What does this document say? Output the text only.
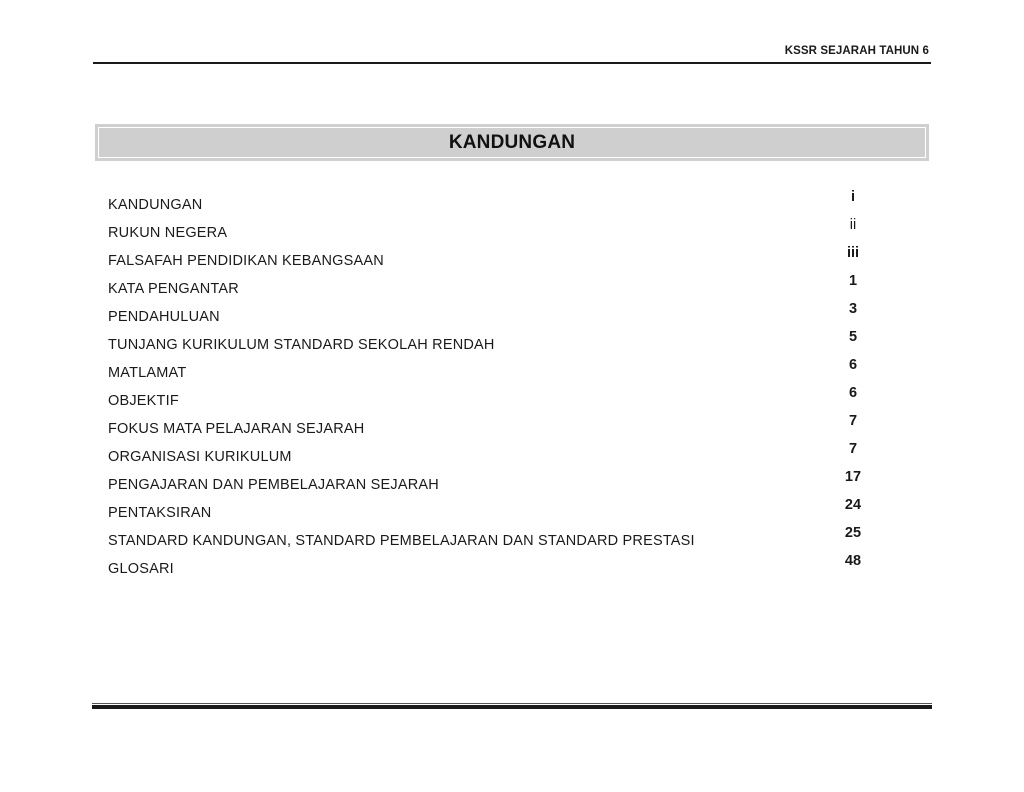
KSSR SEJARAH TAHUN 6
KANDUNGAN
KANDUNGAN	i
RUKUN NEGERA	ii
FALSAFAH PENDIDIKAN KEBANGSAAN	iii
KATA PENGANTAR	1
PENDAHULUAN	3
TUNJANG KURIKULUM STANDARD SEKOLAH RENDAH	5
MATLAMAT	6
OBJEKTIF	6
FOKUS MATA PELAJARAN SEJARAH	7
ORGANISASI KURIKULUM	7
PENGAJARAN DAN PEMBELAJARAN SEJARAH	17
PENTAKSIRAN	24
STANDARD KANDUNGAN, STANDARD PEMBELAJARAN DAN STANDARD PRESTASI	25
GLOSARI	48
